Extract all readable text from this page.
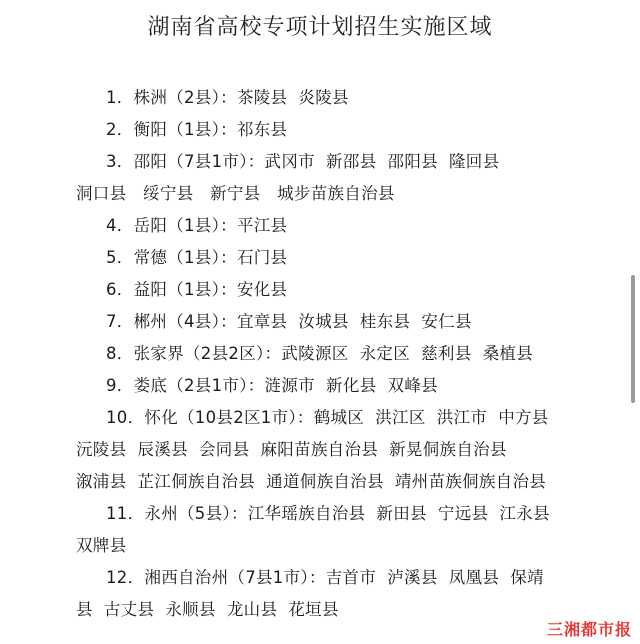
湖南省高校专项计划招生实施区域
1．株洲（2县）：茶陵县  炎陵县
2．衡阳（1县）：祁东县
3．邵阳（7县1市）：武冈市  新邵县  邵阳县  隆回县
洞口县   绥宁县   新宁县   城步苗族自治县
4．岳阳（1县）：平江县
5．常德（1县）：石门县
6．益阳（1县）：安化县
7．郴州（4县）：宜章县  汝城县  桂东县  安仁县
8．张家界（2县2区）：武陵源区  永定区  慈利县  桑植县
9．娄底（2县1市）：涟源市  新化县  双峰县
10．怀化（10县2区1市）：鹤城区  洪江区  洪江市  中方县
沅陵县  辰溪县  会同县  麻阳苗族自治县  新晃侗族自治县
溆浦县  芷江侗族自治县  通道侗族自治县  靖州苗族侗族自治县
11．永州（5县）：江华瑶族自治县  新田县  宁远县  江永县
双牌县
12．湘西自治州（7县1市）：吉首市  泸溪县  凤凰县  保靖
县  古丈县  永顺县  龙山县  花垣县
三湘都市报
